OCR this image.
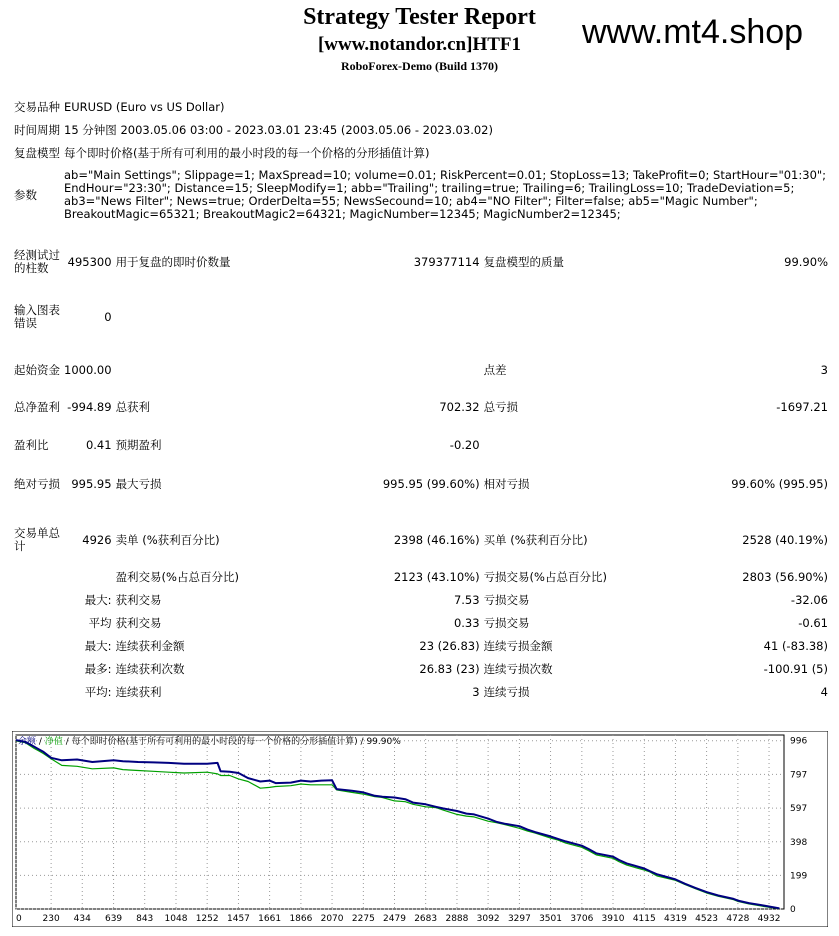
Strategy Tester Report
[www.notandor.cn]HTF1
RoboForex-Demo (Build 1370)
www.mt4.shop
交易品种	EURUSD (Euro vs US Dollar)				
时间周期	15 分钟图 2003.05.06 03:00 - 2023.03.01 23:45 (2003.05.06 - 2023.03.02)				
复盘模型	每个即时价格(基于所有可利用的最小时段的每一个价格的分形插值计算)				
参数	ab="Main Settings"; Slippage=1; MaxSpread=10; volume=0.01; RiskPercent=0.01; StopLoss=13; TakeProfit=0; StartHour="01:30";
EndHour="23:30"; Distance=15; SleepModify=1; abb="Trailing"; trailing=true; Trailing=6; TrailingLoss=10; TradeDeviation=5;
ab3="News Filter"; News=true; OrderDelta=55; NewsSecound=10; ab4="NO Filter"; Filter=false; ab5="Magic Number";
BreakoutMagic=65321; BreakoutMagic2=64321; MagicNumber=12345; MagicNumber2=12345;				

经测试过的柱数	495300	用于复盘的即时价数量	379377114	复盘模型的质量	99.90%
输入图表错误	0				

起始资金	1000.00			点差	3
总净盈利	-994.89	总获利	702.32	总亏损	-1697.21
盈利比	0.41	预期盈利	-0.20		
绝对亏损	995.95	最大亏损	995.95 (99.60%)	相对亏损	99.60% (995.95)

交易单总计	4926	卖单 (%获利百分比)	2398 (46.16%)	买单 (%获利百分比)	2528 (40.19%)
		盈利交易(%占总百分比)	2123 (43.10%)	亏损交易(%占总百分比)	2803 (56.90%)
	最大:	获利交易	7.53	亏损交易	-32.06
	平均	获利交易	0.33	亏损交易	-0.61
	最大:	连续获利金额	23 (26.83)	连续亏损金额	41 (-83.38)
	最多:	连续获利次数	26.83 (23)	连续亏损次数	-100.91 (5)
	平均:	连续获利	3	连续亏损	4
996
797
597
398
199
0
0 230 434 639 843 1048 1252 1457 1661 1866 2070 2275 2479 2683 2888 3092 3297 3501 3706 3910 4115 4319 4523 4728 4932
余额 / 净值 / 每个即时价格(基于所有可利用的最小时段的每一个价格的分形插值计算) / 99.90%
